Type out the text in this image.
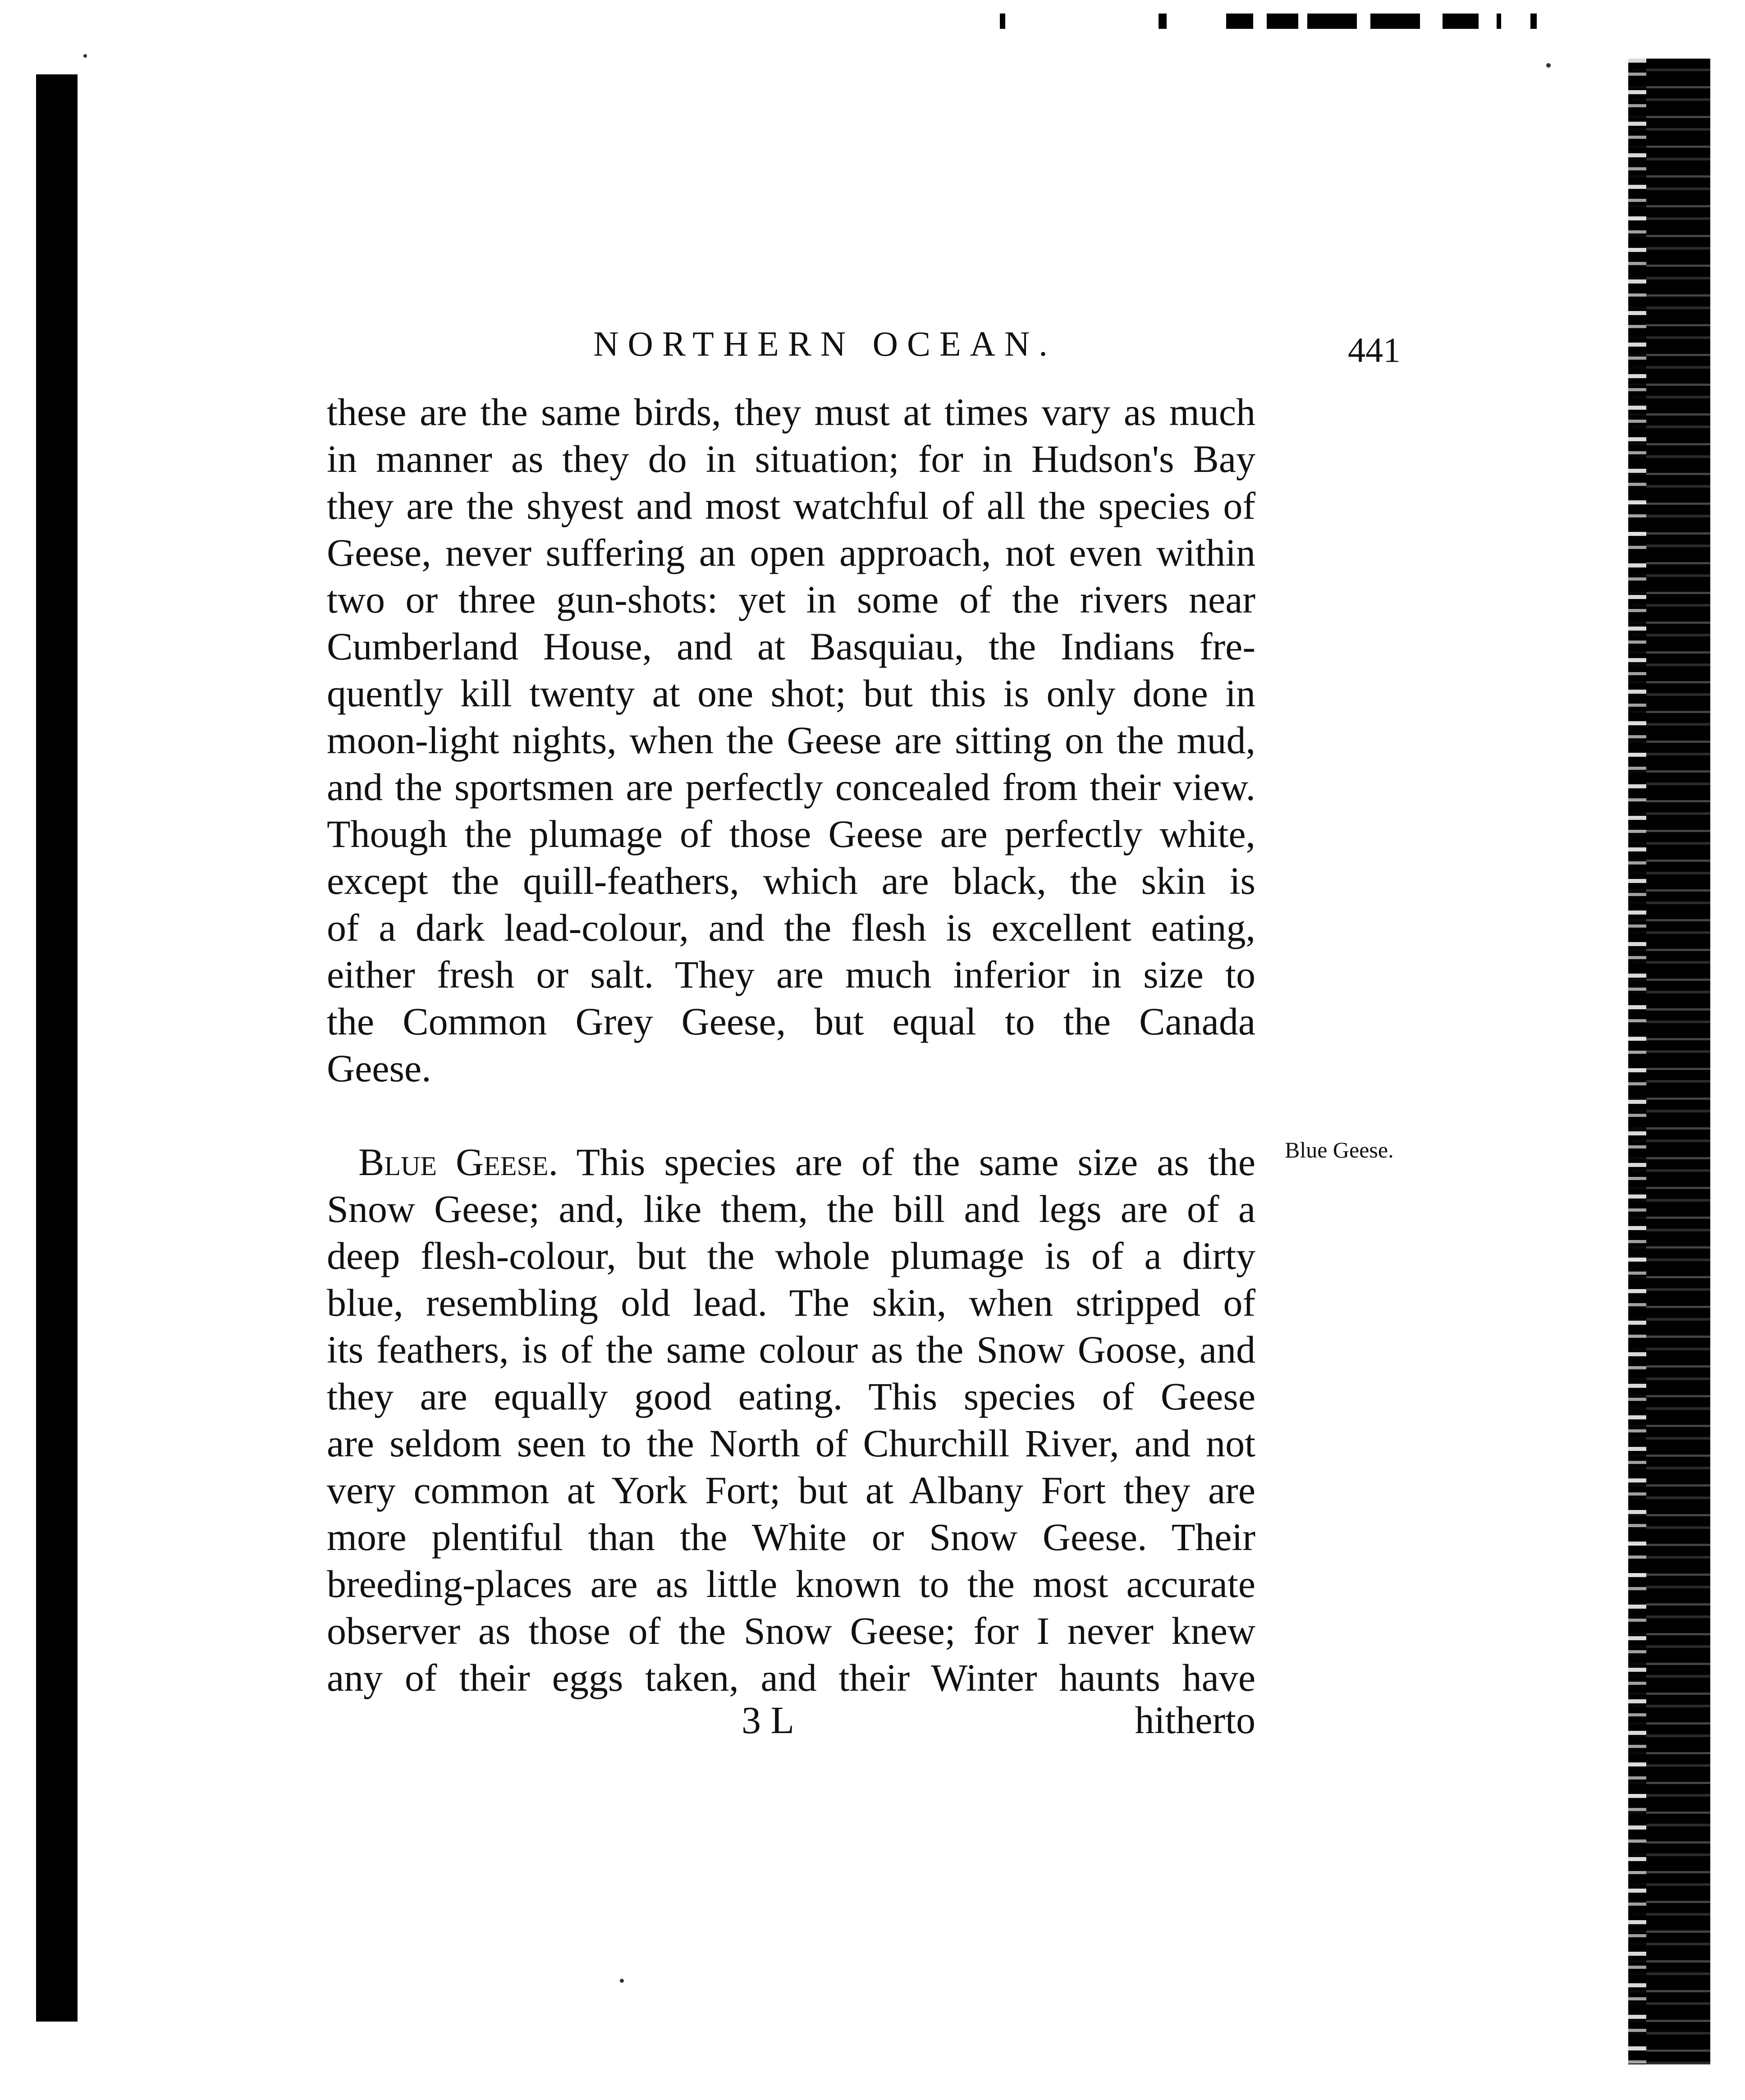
NORTHERN OCEAN.	441
these are the same birds, they must at times vary as much
in manner as they do in situation; for in Hudson's Bay
they are the shyest and most watchful of all the species of
Geese, never suffering an open approach, not even within
two or three gun-shots: yet in some of the rivers near
Cumberland House, and at Basquiau, the Indians fre-
quently kill twenty at one shot; but this is only done in
moon-light nights, when the Geese are sitting on the mud,
and the sportsmen are perfectly concealed from their view.
Though the plumage of those Geese are perfectly white,
except the quill-feathers, which are black, the skin is
of a dark lead-colour, and the flesh is excellent eating,
either fresh or salt. They are much inferior in size to
the Common Grey Geese, but equal to the Canada
Geese.
Blue Geese. This species are of the same size as the
Snow Geese; and, like them, the bill and legs are of a
deep flesh-colour, but the whole plumage is of a dirty
blue, resembling old lead. The skin, when stripped of
its feathers, is of the same colour as the Snow Goose, and
they are equally good eating. This species of Geese
are seldom seen to the North of Churchill River, and not
very common at York Fort; but at Albany Fort they are
more plentiful than the White or Snow Geese. Their
breeding-places are as little known to the most accurate
observer as those of the Snow Geese; for I never knew
any of their eggs taken, and their Winter haunts have
Blue Geese.
3 L	hitherto
